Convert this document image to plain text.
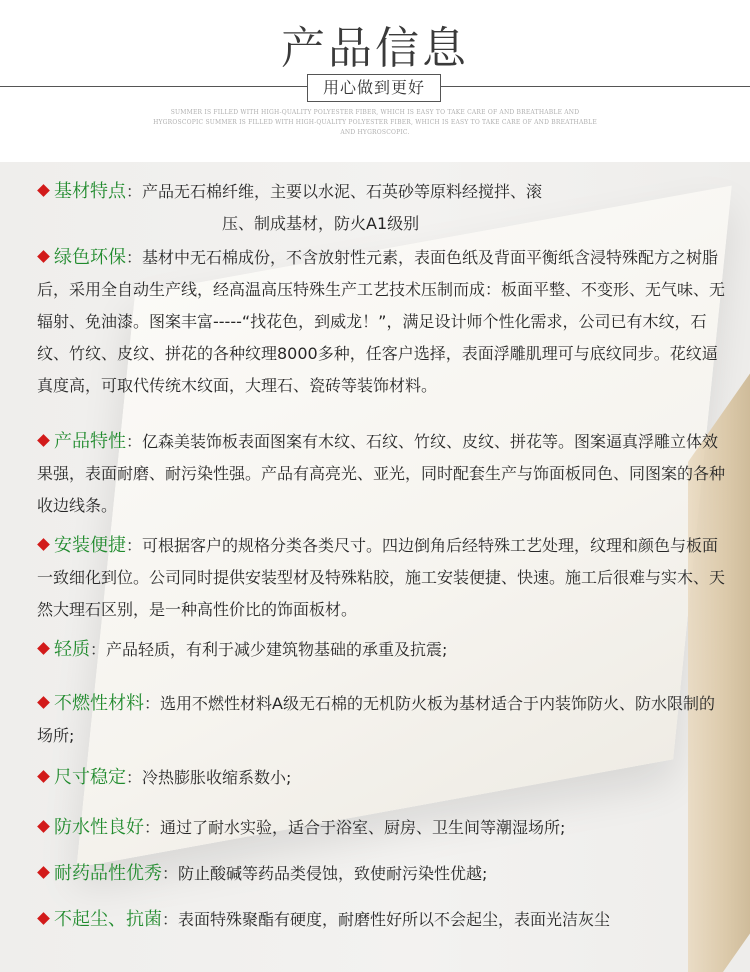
产品信息
用心做到更好
SUMMER IS FILLED WITH HIGH-QUALITY POLYESTER FIBER, WHICH IS EASY TO TAKE CARE OF AND BREATHABLE AND HYGROSCOPIC SUMMER IS FILLED WITH HIGH-QUALITY POLYESTER FIBER, WHICH IS EASY TO TAKE CARE OF AND BREATHABLE AND HYGROSCOPIC.

基材特点：产品无石棉纤维，主要以水泥、石英砂等原料经搅拌、滚
压、制成基材，防火A1级别

绿色环保：基材中无石棉成份，不含放射性元素，表面色纸及背面平衡纸含浸特殊配方之树脂后，采用全自动生产线，经高温高压特殊生产工艺技术压制而成：板面平整、不变形、无气味、无辐射、免油漆。图案丰富-----“找花色，到威龙！”，满足设计师个性化需求，公司已有木纹，石纹、竹纹、皮纹、拼花的各种纹理8000多种，任客户选择，表面浮雕肌理可与底纹同步。花纹逼真度高，可取代传统木纹面，大理石、瓷砖等装饰材料。

产品特性：亿森美装饰板表面图案有木纹、石纹、竹纹、皮纹、拼花等。图案逼真浮雕立体效果强，表面耐磨、耐污染性强。产品有高亮光、亚光，同时配套生产与饰面板同色、同图案的各种收边线条。

安装便捷：可根据客户的规格分类各类尺寸。四边倒角后经特殊工艺处理，纹理和颜色与板面一致细化到位。公司同时提供安装型材及特殊粘胶，施工安装便捷、快速。施工后很难与实木、天然大理石区别，是一种高性价比的饰面板材。

轻质：产品轻质，有利于减少建筑物基础的承重及抗震;

不燃性材料：选用不燃性材料A级无石棉的无机防火板为基材适合于内装饰防火、防水限制的场所;

尺寸稳定：冷热膨胀收缩系数小;

防水性良好：通过了耐水实验，适合于浴室、厨房、卫生间等潮湿场所;

耐药品性优秀：防止酸碱等药品类侵蚀，致使耐污染性优越;

不起尘、抗菌：表面特殊聚酯有硬度，耐磨性好所以不会起尘，表面光洁灰尘
